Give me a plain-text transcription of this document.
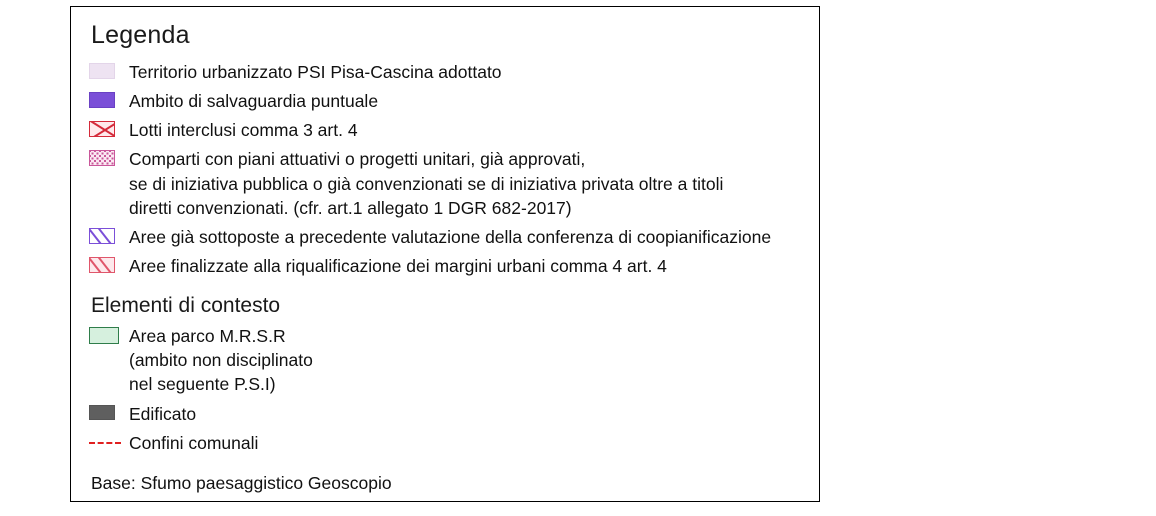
Legenda
Territorio urbanizzato PSI Pisa-Cascina adottato
Ambito di salvaguardia puntuale
Lotti interclusi comma 3 art. 4
Comparti con piani attuativi o progetti unitari, già approvati,
se di iniziativa pubblica o già convenzionati se di iniziativa privata oltre a titoli
diretti convenzionati. (cfr. art.1 allegato 1 DGR 682-2017)
Aree già sottoposte a precedente valutazione della conferenza di coopianificazione
Aree finalizzate alla riqualificazione dei margini urbani comma 4 art. 4
Elementi di contesto
Area parco M.R.S.R
(ambito non disciplinato
nel seguente P.S.I)
Edificato
Confini comunali
Base: Sfumo paesaggistico Geoscopio
